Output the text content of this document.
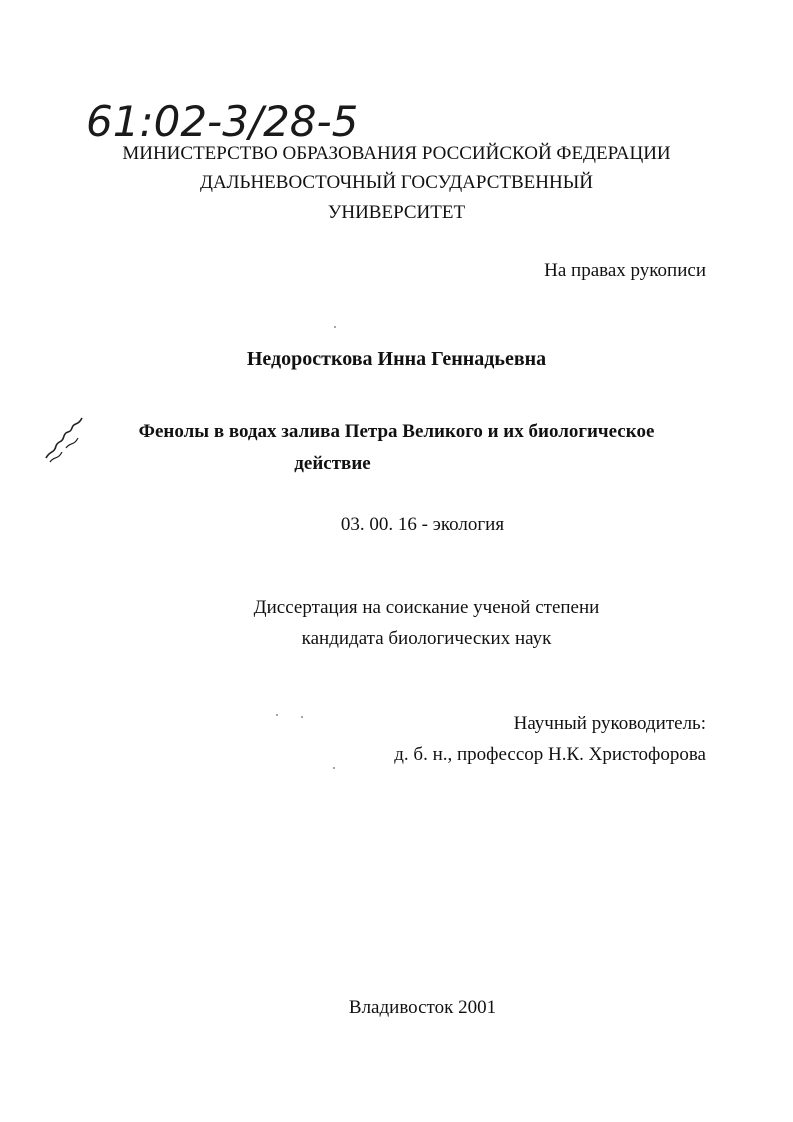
61:02-3/28-5
МИНИСТЕРСТВО ОБРАЗОВАНИЯ РОССИЙСКОЙ ФЕДЕРАЦИИ
ДАЛЬНЕВОСТОЧНЫЙ ГОСУДАРСТВЕННЫЙ
УНИВЕРСИТЕТ
На правах рукописи
Недоросткова Инна Геннадьевна
Фенолы в водах залива Петра Великого и их биологическое
действие
03. 00. 16 - экология
Диссертация на соискание ученой степени
кандидата биологических наук
Научный руководитель:
д. б. н., профессор Н.К. Христофорова
Владивосток 2001
